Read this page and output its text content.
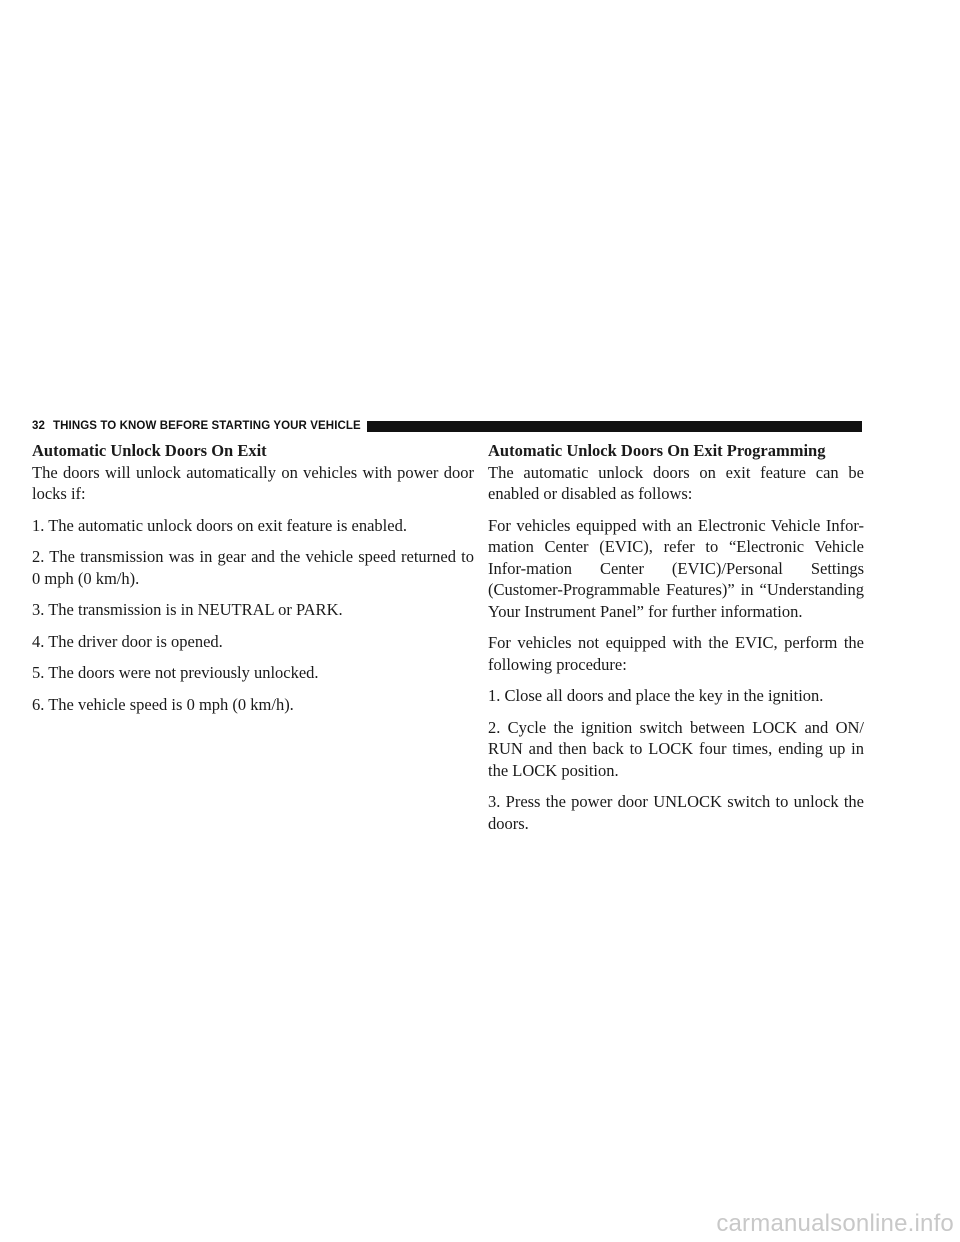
32 THINGS TO KNOW BEFORE STARTING YOUR VEHICLE
Automatic Unlock Doors On Exit

The doors will unlock automatically on vehicles with power door locks if:

1. The automatic unlock doors on exit feature is enabled.

2. The transmission was in gear and the vehicle speed returned to 0 mph (0 km/h).

3. The transmission is in NEUTRAL or PARK.

4. The driver door is opened.

5. The doors were not previously unlocked.

6. The vehicle speed is 0 mph (0 km/h).

Automatic Unlock Doors On Exit Programming

The automatic unlock doors on exit feature can be enabled or disabled as follows:

For vehicles equipped with an Electronic Vehicle Infor-mation Center (EVIC), refer to “Electronic Vehicle Infor-mation Center (EVIC)/Personal Settings (Customer-Programmable Features)” in “Understanding Your Instrument Panel” for further information.

For vehicles not equipped with the EVIC, perform the following procedure:

1. Close all doors and place the key in the ignition.

2. Cycle the ignition switch between LOCK and ON/ RUN and then back to LOCK four times, ending up in the LOCK position.

3. Press the power door UNLOCK switch to unlock the doors.

carmanualsonline.info
